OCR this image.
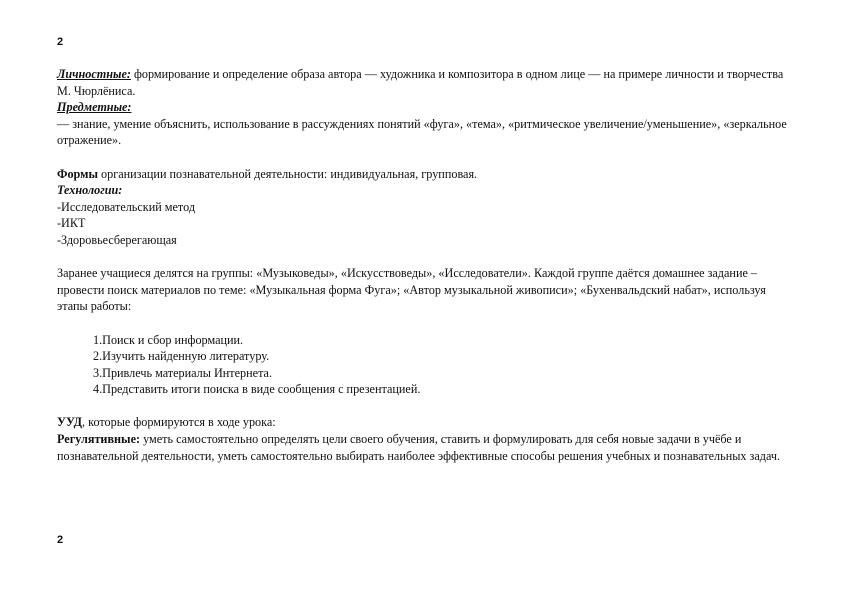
2

Личностные: формирование и определение образа автора — художника и композитора в одном лице — на примере личности и творчества М. Чюрлёниса.

Предметные:

— знание, умение объяснить, использование в рассуждениях понятий «фуга», «тема», «ритмическое увеличение/уменьшение», «зеркальное отражение».

Формы организации познавательной деятельности: индивидуальная, групповая.

Технологии:

-Исследовательский метод

-ИКТ

-Здоровьесберегающая

Заранее учащиеся делятся на группы: «Музыковеды», «Искусствоведы», «Исследователи». Каждой группе даётся домашнее задание – провести поиск материалов по теме: «Музыкальная форма Фуга»; «Автор музыкальной живописи»; «Бухенвальдский набат», используя этапы работы:

1.Поиск и сбор информации.
2.Изучить найденную литературу.
3.Привлечь материалы Интернета.
4.Представить итоги поиска в виде сообщения с презентацией.

УУД, которые формируются в ходе урока:

Регулятивные: уметь самостоятельно определять цели своего обучения, ставить и формулировать для себя новые задачи в учёбе и познавательной деятельности, уметь самостоятельно выбирать наиболее эффективные способы решения учебных и познавательных задач.

2
